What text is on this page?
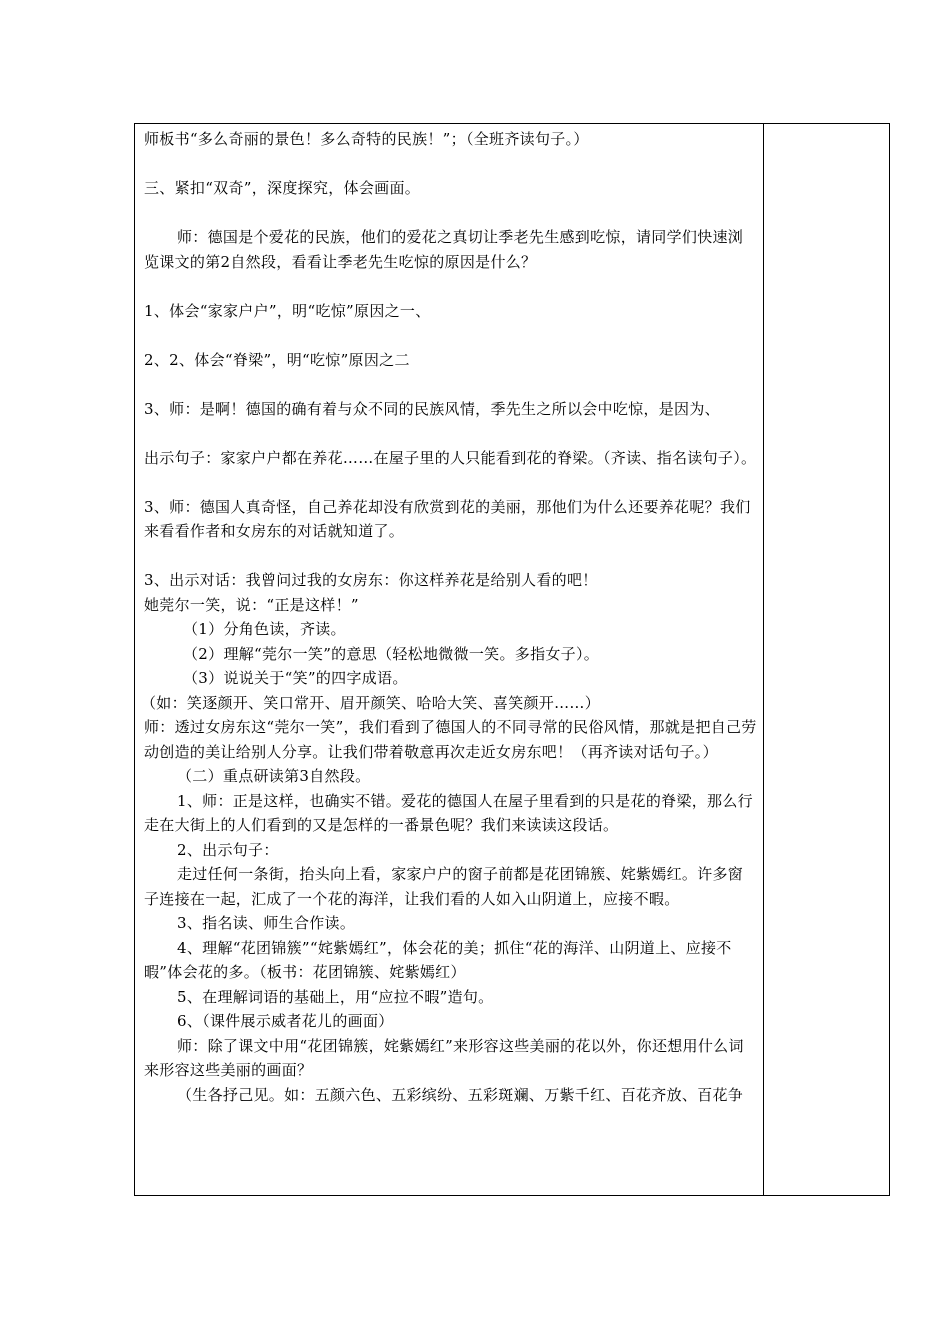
师板书“多么奇丽的景色！多么奇特的民族！”；（全班齐读句子。）

三、紧扣“双奇”，深度探究，体会画面。

师：德国是个爱花的民族，他们的爱花之真切让季老先生感到吃惊，请同学们快速浏览课文的第2自然段，看看让季老先生吃惊的原因是什么？

1、体会“家家户户”，明“吃惊”原因之一、

2、2、体会“脊梁”，明“吃惊”原因之二

3、师：是啊！德国的确有着与众不同的民族风情，季先生之所以会中吃惊，是因为、

出示句子：家家户户都在养花……在屋子里的人只能看到花的脊梁。（齐读、指名读句子）。

3、师：德国人真奇怪，自己养花却没有欣赏到花的美丽，那他们为什么还要养花呢？我们来看看作者和女房东的对话就知道了。

3、出示对话：我曾问过我的女房东：你这样养花是给别人看的吧！

她莞尔一笑，说：“正是这样！”

（1）分角色读，齐读。

（2）理解“莞尔一笑”的意思（轻松地微微一笑。多指女子）。

（3）说说关于“笑”的四字成语。

（如：笑逐颜开、笑口常开、眉开颜笑、哈哈大笑、喜笑颜开……）

师：透过女房东这“莞尔一笑”，我们看到了德国人的不同寻常的民俗风情，那就是把自己劳动创造的美让给别人分享。让我们带着敬意再次走近女房东吧！（再齐读对话句子。）

（二）重点研读第3自然段。

1、师：正是这样，也确实不错。爱花的德国人在屋子里看到的只是花的脊梁，那么行走在大街上的人们看到的又是怎样的一番景色呢？我们来读读这段话。

2、出示句子：

走过任何一条街，抬头向上看，家家户户的窗子前都是花团锦簇、姹紫嫣红。许多窗子连接在一起，汇成了一个花的海洋，让我们看的人如入山阴道上，应接不暇。

3、指名读、师生合作读。

4、理解“花团锦簇”“姹紫嫣红”，体会花的美；抓住“花的海洋、山阴道上、应接不暇”体会花的多。（板书：花团锦簇、姹紫嫣红）

5、在理解词语的基础上，用“应拉不暇”造句。

6、（课件展示威者花儿的画面）

师：除了课文中用“花团锦簇，姹紫嫣红”来形容这些美丽的花以外，你还想用什么词来形容这些美丽的画面？

（生各抒己见。如：五颜六色、五彩缤纷、五彩斑斓、万紫千红、百花齐放、百花争
